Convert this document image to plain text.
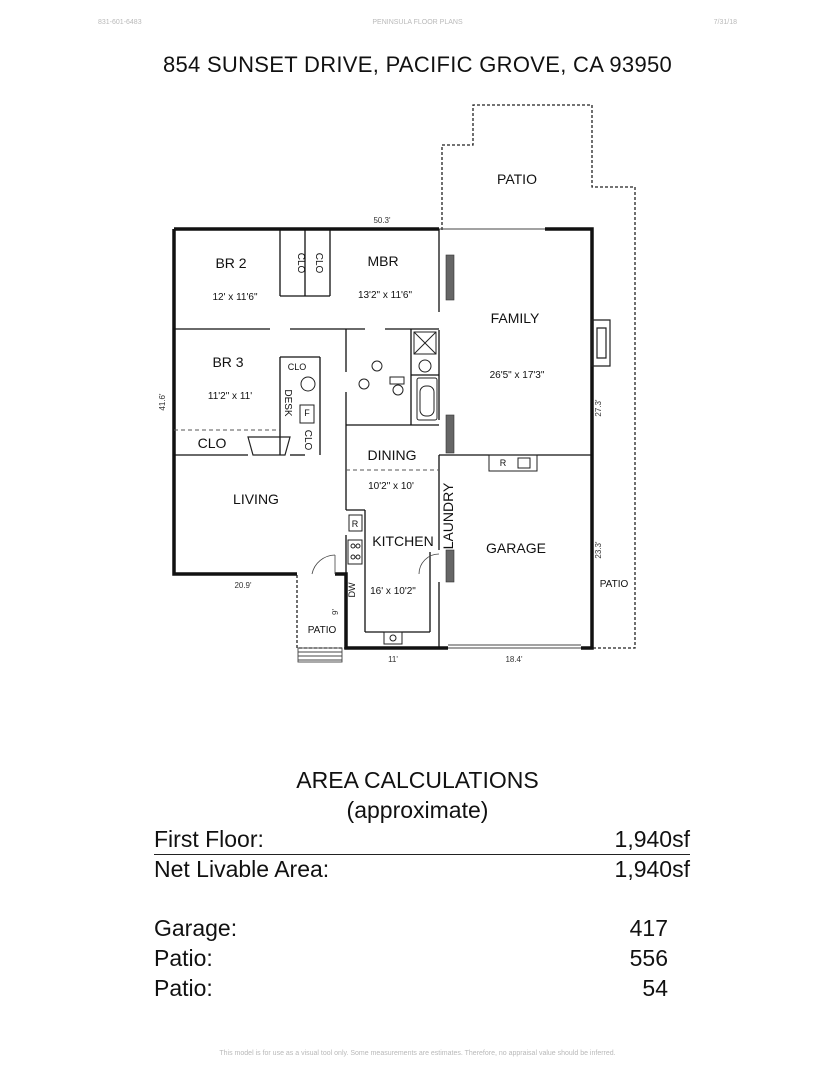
831-601-6483	PENINSULA FLOOR PLANS	7/31/18
854 SUNSET DRIVE, PACIFIC GROVE, CA 93950
PATIO
BR 2
12' x 11'6"
CLO CLO	MBR
13'2" x 11'6"
FAMILY
26'5" x 17'3"
BR 3
11'2" x 11'
CLO
DESK F
CLO
CLO
DINING
10'2" x 10'
R
LIVING
R
KITCHEN
16' x 10'2"
LAUNDRY GARAGE
DW	PATIO
PATIO
50.3'
41.6'	27.3'
23.3'
20.9'
11'	18.4'
9'
AREA CALCULATIONS
(approximate)
First Floor:	1,940sf
Net Livable Area:	1,940sf
Garage:	417
Patio:	556
Patio:	54
This model is for use as a visual tool only. Some measurements are estimates. Therefore, no appraisal value should be inferred.
